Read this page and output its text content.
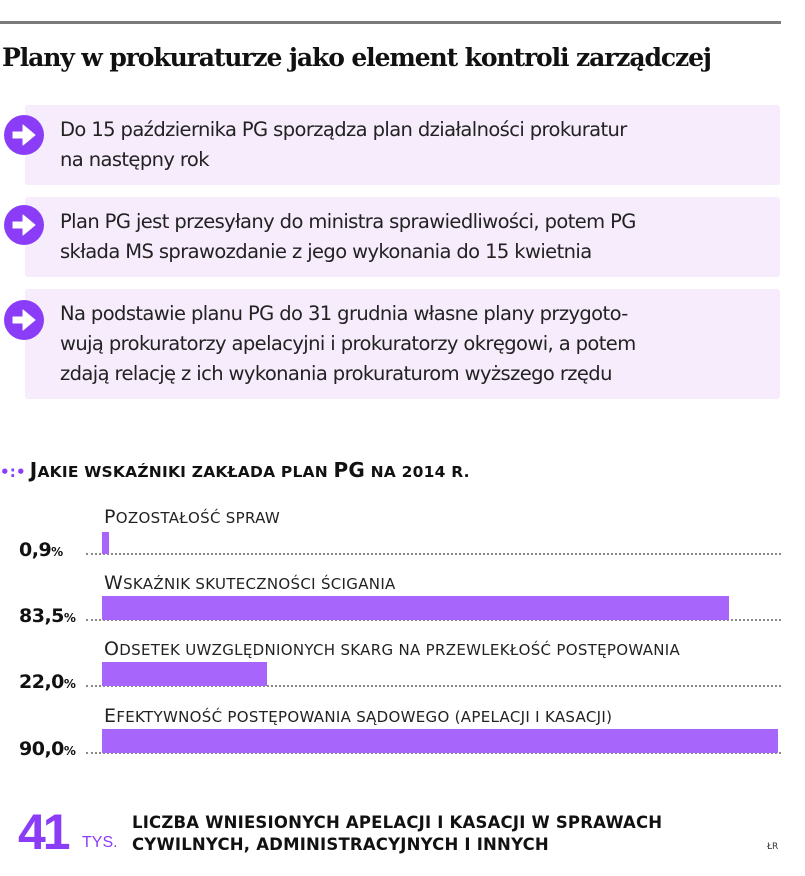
Plany w prokuraturze jako element kontroli zarządczej
Do 15 października PG sporządza plan działalności prokuratur
na następny rok
Plan PG jest przesyłany do ministra sprawiedliwości, potem PG
składa MS sprawozdanie z jego wykonania do 15 kwietnia
Na podstawie planu PG do 31 grudnia własne plany przygoto-
wują prokuratorzy apelacyjni i prokuratorzy okręgowi, a potem
zdają relację z ich wykonania prokuraturom wyższego rzędu
•:• JAKIE WSKAŹNIKI ZAKŁADA PLAN PG NA 2014 R.
POZOSTAŁOŚĆ SPRAW
0,9%
WSKAŹNIK SKUTECZNOŚCI ŚCIGANIA
83,5%
ODSETEK UWZGLĘDNIONYCH SKARG NA PRZEWLEKŁOŚĆ POSTĘPOWANIA
22,0%
EFEKTYWNOŚĆ POSTĘPOWANIA SĄDOWEGO (APELACJI I KASACJI)
90,0%
41 TYS.
LICZBA WNIESIONYCH APELACJI I KASACJI W SPRAWACH
CYWILNYCH, ADMINISTRACYJNYCH I INNYCH	ŁR
